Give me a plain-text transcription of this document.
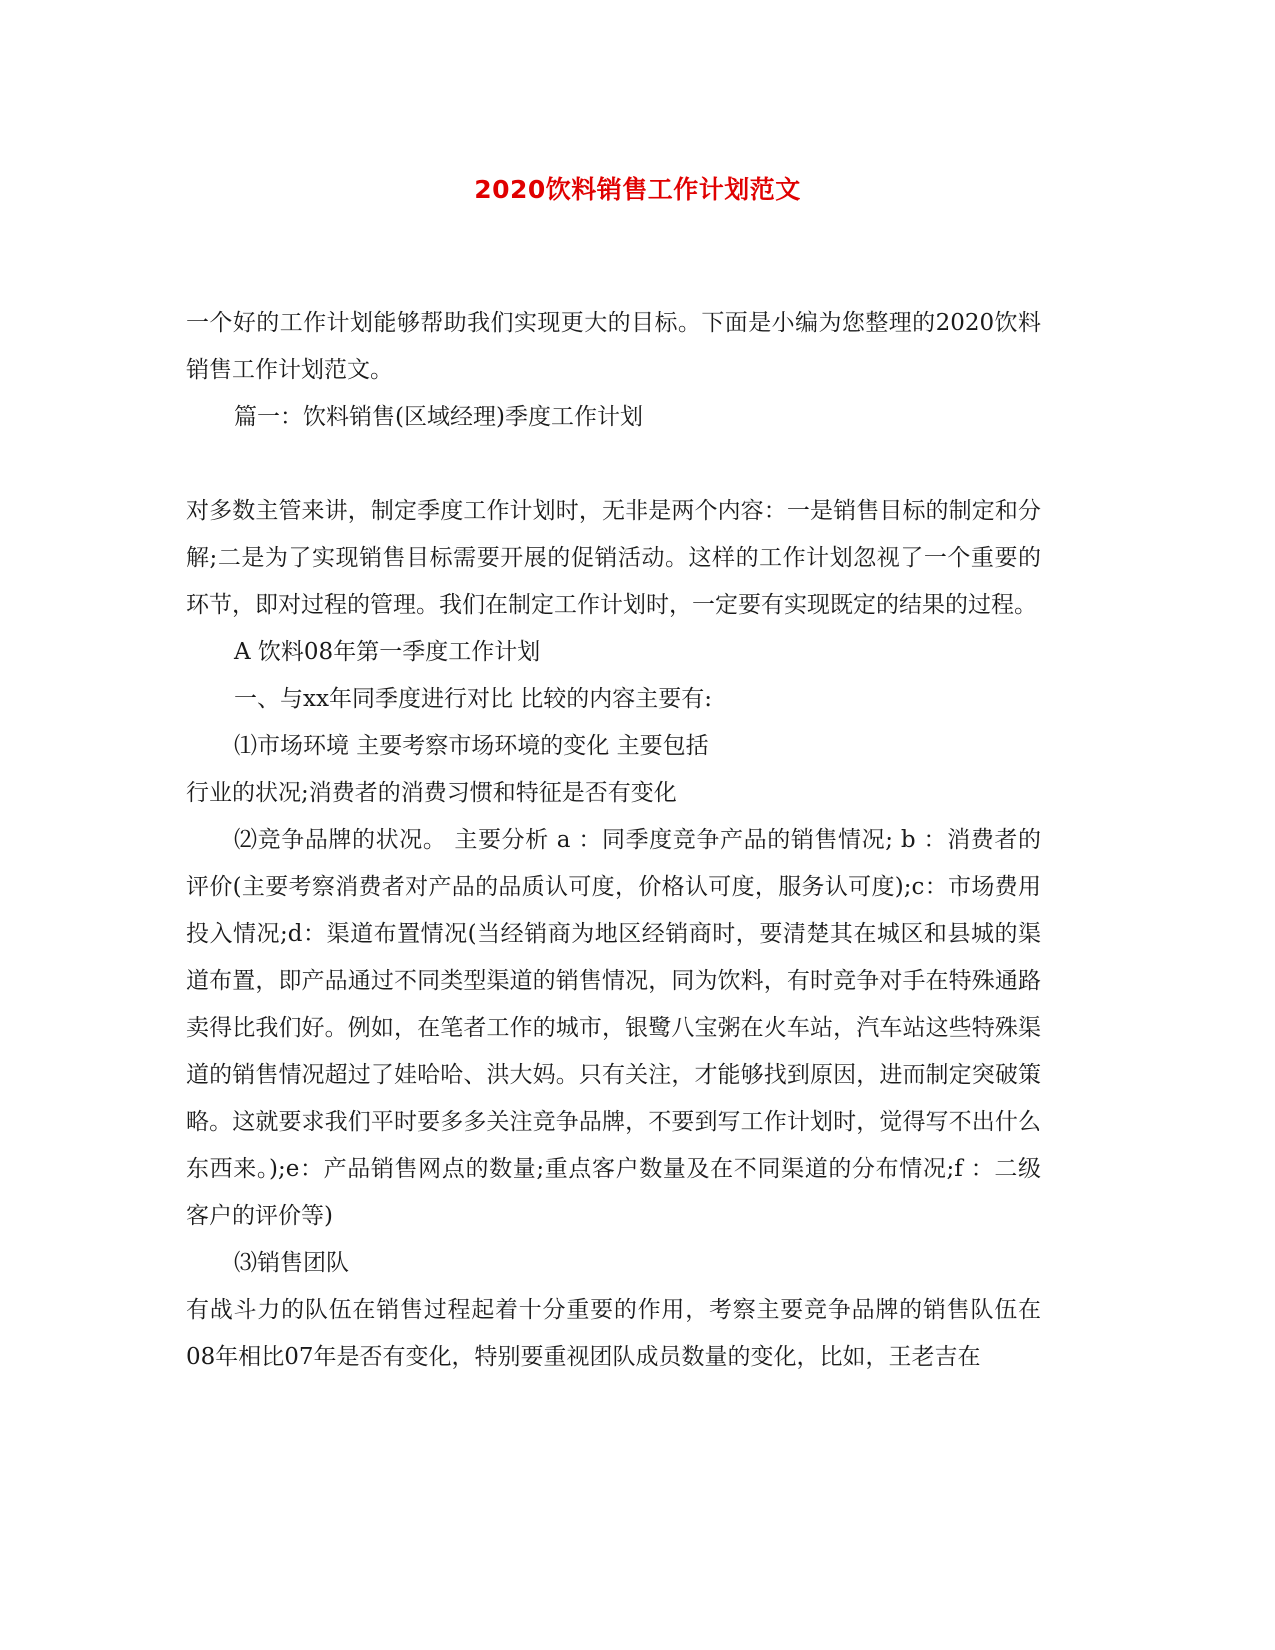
2020饮料销售工作计划范文

一个好的工作计划能够帮助我们实现更大的目标。下面是小编为您整理的2020饮料销售工作计划范文。

篇一：饮料销售(区域经理)季度工作计划

对多数主管来讲，制定季度工作计划时，无非是两个内容：一是销售目标的制定和分解;二是为了实现销售目标需要开展的促销活动。这样的工作计划忽视了一个重要的环节，即对过程的管理。我们在制定工作计划时，一定要有实现既定的结果的过程。

A 饮料08年第一季度工作计划

一、与xx年同季度进行对比 比较的内容主要有:

⑴市场环境 主要考察市场环境的变化 主要包括

行业的状况;消费者的消费习惯和特征是否有变化

⑵竞争品牌的状况。 主要分析 a ：同季度竞争产品的销售情况; b ：消费者的评价(主要考察消费者对产品的品质认可度，价格认可度，服务认可度);c：市场费用投入情况;d：渠道布置情况(当经销商为地区经销商时，要清楚其在城区和县城的渠道布置，即产品通过不同类型渠道的销售情况，同为饮料，有时竞争对手在特殊通路卖得比我们好。例如，在笔者工作的城市，银鹭八宝粥在火车站，汽车站这些特殊渠道的销售情况超过了娃哈哈、洪大妈。只有关注，才能够找到原因，进而制定突破策略。这就要求我们平时要多多关注竞争品牌，不要到写工作计划时，觉得写不出什么东西来。);e：产品销售网点的数量;重点客户数量及在不同渠道的分布情况;f ：二级客户的评价等)

⑶销售团队

有战斗力的队伍在销售过程起着十分重要的作用，考察主要竞争品牌的销售队伍在08年相比07年是否有变化，特别要重视团队成员数量的变化，比如，王老吉在
